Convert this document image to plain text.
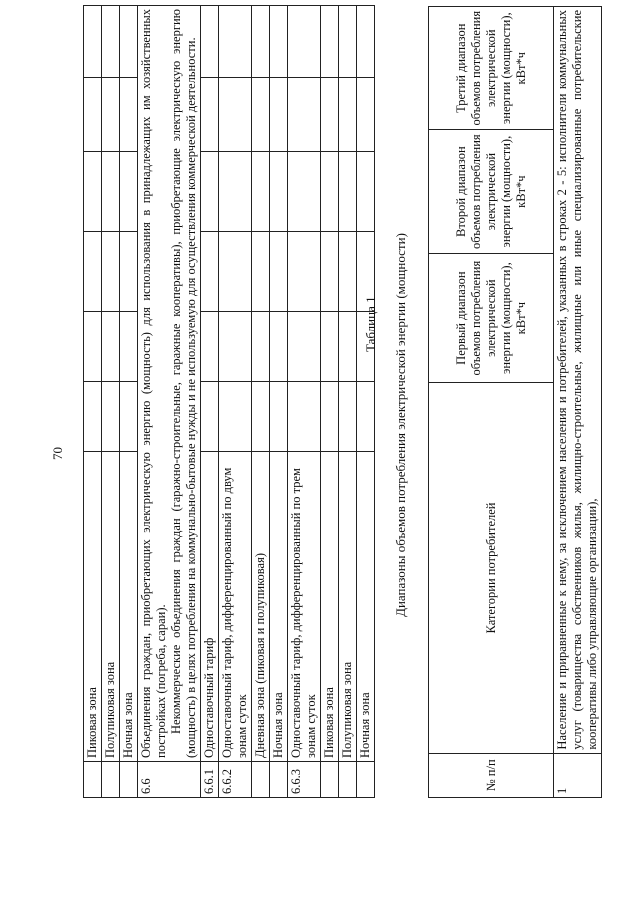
70
	Пиковая зона						
	Полупиковая зона						
	Ночная зона						
6.6	Объединения граждан, приобретающих электрическую энергию (мощность) для использования в принадлежащих им хозяйственных постройках (погреба, сараи). Некоммерческие объединения граждан (гаражно-строительные, гаражные кооперативы), приобретающие электрическую энергию (мощность) в целях потребления на коммунально-бытовые нужды и не используемую для осуществления коммерческой деятельности.						

6.6.1	Одноставочный тариф						
6.6.2	Одноставочный тариф, дифференцированный по двум зонам суток						
	Дневная зона (пиковая и полупиковая)						
	Ночная зона						
6.6.3	Одноставочный тариф, дифференцированный по трем зонам суток						
	Пиковая зона						
	Полупиковая зона						
	Ночная зона						
Таблица 1 Диапазоны объемов потребления электрической энергии (мощности)
№ п/п	Категории потребителей	Первый диапазон объемов потребления электрической энергии (мощности), кВт*ч	Второй диапазон объемов потребления электрической энергии (мощности), кВт*ч	Третий диапазон объемов потребления электрической энергии (мощности), кВт*ч
1	Население и приравненные к нему, за исключением населения и потребителей, указанных в строках 2 - 5: исполнители коммунальных услуг (товарищества собственников жилья, жилищно-строительные, жилищные или иные специализированные потребительские кооперативы либо управляющие организации),			
